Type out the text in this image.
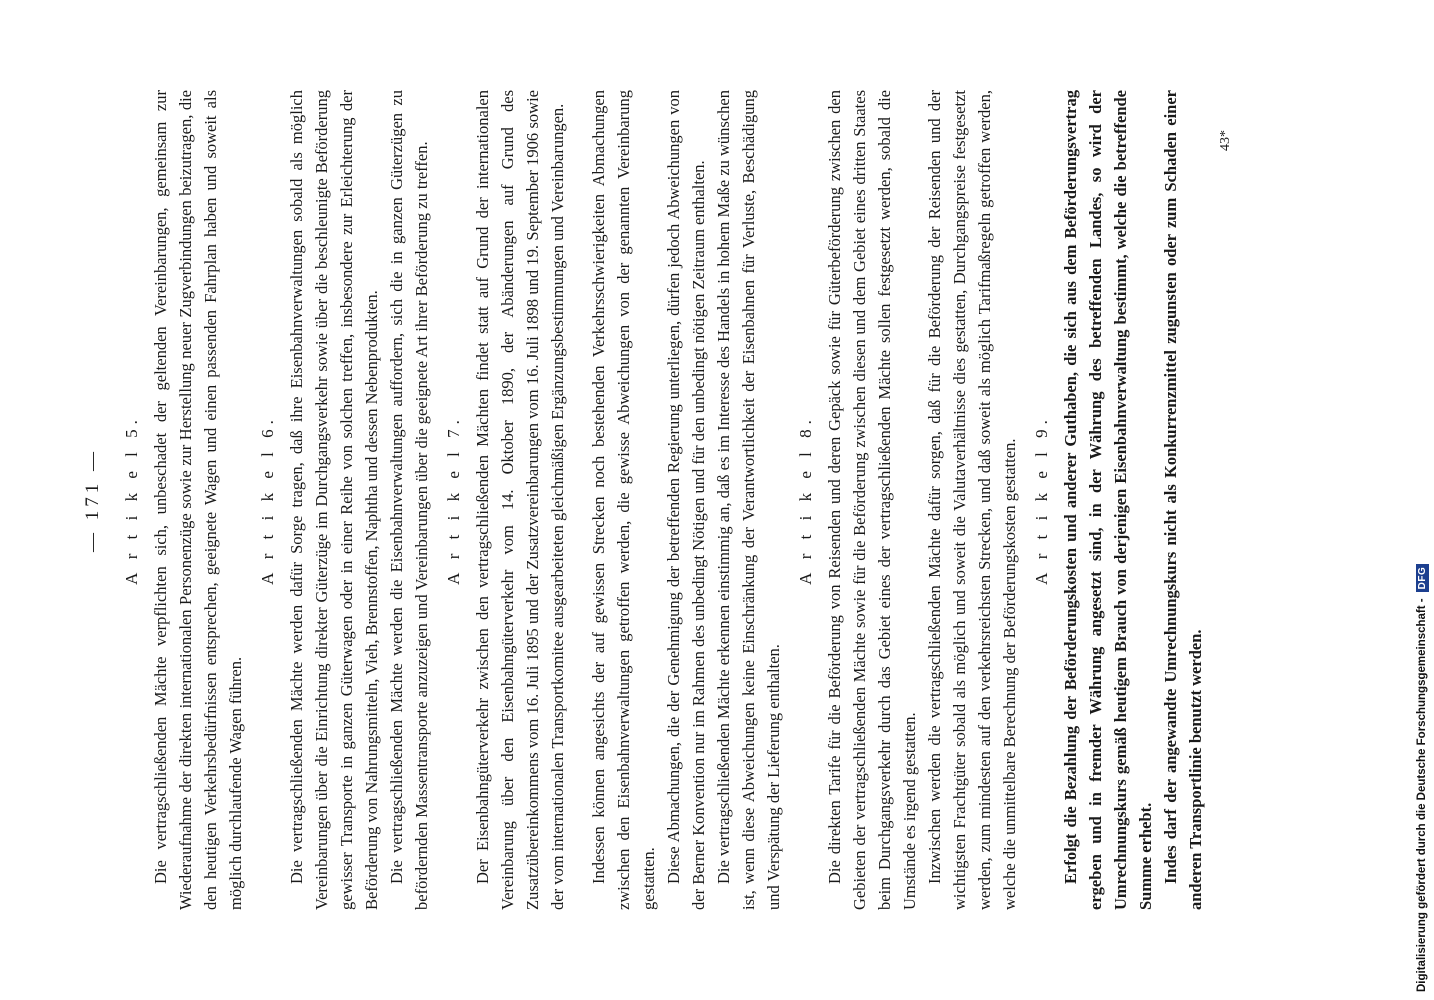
— 171 — A r t i k e l 5. Die vertragschließenden Mächte verpflichten sich, unbeschadet der geltenden Vereinbarungen, gemeinsam zur Wiederaufnahme der direkten internationalen Personenzüge sowie zur Herstellung neuer Zugverbindungen beizutragen, die den heutigen Verkehrsbedürfnissen entsprechen, geeignete Wagen und einen passenden Fahrplan haben und soweit als möglich durchlaufende Wagen führen.

A r t i k e l 6. Die vertragschließenden Mächte werden dafür Sorge tragen, daß ihre Eisenbahnverwaltungen sobald als möglich Vereinbarungen über die Einrichtung direkter Güterzüge im Durchgangsverkehr sowie über die beschleunigte Beförderung gewisser Transporte in ganzen Güterwagen oder in einer Reihe von solchen treffen, insbesondere zur Erleichterung der Beförderung von Nahrungsmitteln, Vieh, Brennstoffen, Naphtha und dessen Nebenprodukten. Die vertragschließenden Mächte werden die Eisenbahnverwaltungen auffordern, sich die in ganzen Güterzügen zu befördernden Massentransporte anzuzeigen und Vereinbarungen über die geeignete Art ihrer Beförderung zu treffen. A r t i k e l 7. Der Eisenbahngüterverkehr zwischen den vertragschließenden Mächten findet statt auf Grund der internationalen Vereinbarung über den Eisenbahngüterverkehr vom 14. Oktober 1890, der Abänderungen auf Grund des Zusatzübereinkommens vom 16. Juli 1895 und der Zusatzvereinbarungen vom 16. Juli 1898 und 19. September 1906 sowie der vom internationalen Transportkomitee ausgearbeiteten gleichmäßigen Ergänzungsbestimmungen und Vereinbarungen. Indessen können angesichts der auf gewissen Strecken noch bestehenden Verkehrsschwierigkeiten Abmachungen zwischen den Eisenbahnverwaltungen getroffen werden, die gewisse Abweichungen von der genannten Vereinbarung gestatten. Diese Abmachungen, die der Genehmigung der betreffenden Regierung unterliegen, dürfen jedoch Abweichungen von der Berner Konvention nur im Rahmen des unbedingt Nötigen und für den unbedingt nötigen Zeitraum enthalten. Die vertragschließenden Mächte erkennen einstimmig an, daß es im Interesse des Handels in hohem Maße zu wünschen ist, wenn diese Abweichungen keine Einschränkung der Verantwortlichkeit der Eisenbahnen für Verluste, Beschädigung und Verspätung der Lieferung enthalten.

A r t i k e l 8. Die direkten Tarife für die Beförderung von Reisenden und deren Gepäck sowie für Güterbeförderung zwischen den Gebieten der vertragschließenden Mächte sowie für die Beförderung zwischen diesen und dem Gebiet eines dritten Staates beim Durchgangsverkehr durch das Gebiet eines der vertragschließenden Mächte sollen festgesetzt werden, sobald die Umstände es irgend gestatten. Inzwischen werden die vertragschließenden Mächte dafür sorgen, daß für die Beförderung der Reisenden und der wichtigsten Frachtgüter sobald als möglich und soweit die Valutaverhältnisse dies gestatten, Durchgangspreise festgesetzt werden, zum mindesten auf den verkehrsreichsten Strecken, und daß soweit als möglich Tarifmaßregeln getroffen werden, welche die unmittelbare Berechnung der Beförderungskosten gestatten. A r t i k e l 9. Erfolgt die Bezahlung der Beförderungskosten und anderer Guthaben, die sich aus dem Beförderungsvertrag ergeben und in fremder Währung angesetzt sind, in der Währung des betreffenden Landes, so wird der Umrechnungskurs gemäß heutigem Brauch von derjenigen Eisenbahnverwaltung bestimmt, welche die betreffende Summe erhebt. Indes darf der angewandte Umrechnungskurs nicht als Konkurrenzmittel zugunsten oder zum Schaden einer anderen Transportlinie benutzt werden.

43*
Digitalisierung gefördert durch die Deutsche Forschungsgemeinschaft -
DFG
